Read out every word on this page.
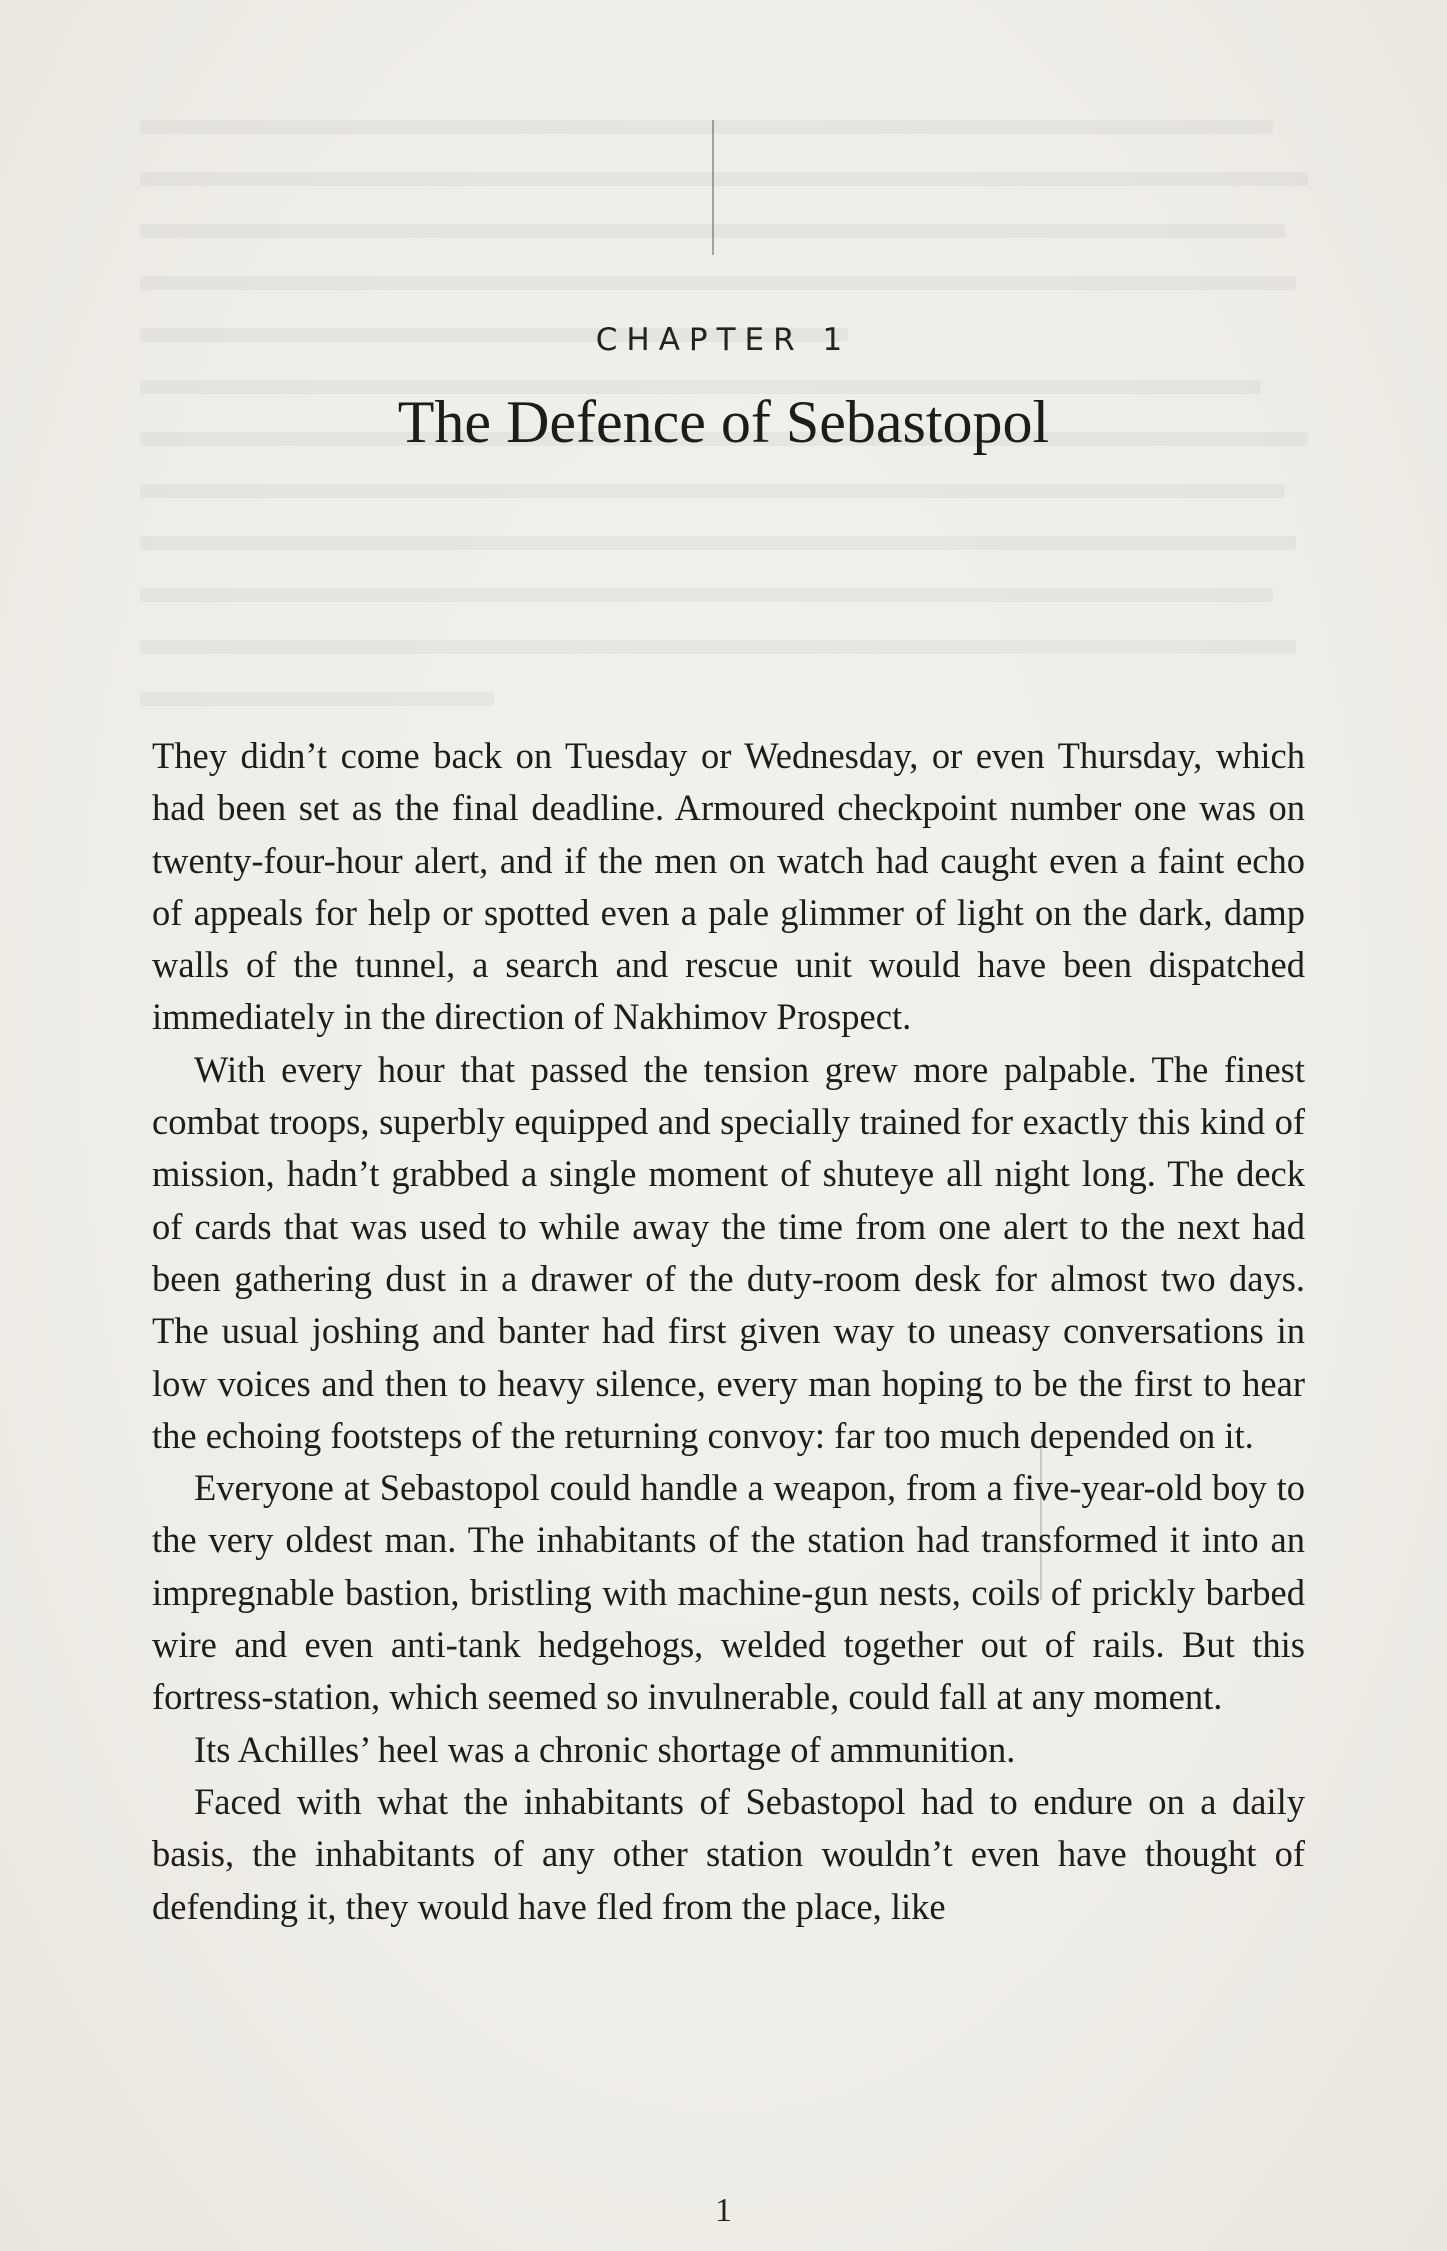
CHAPTER 1
The Defence of Sebastopol

They didn’t come back on Tuesday or Wednesday, or even Thursday, which had been set as the final deadline. Armoured checkpoint number one was on twenty-four-hour alert, and if the men on watch had caught even a faint echo of appeals for help or spotted even a pale glimmer of light on the dark, damp walls of the tunnel, a search and rescue unit would have been dispatched immediately in the direction of Nakhimov Prospect.

With every hour that passed the tension grew more palpable. The finest combat troops, superbly equipped and specially trained for exactly this kind of mission, hadn’t grabbed a single moment of shuteye all night long. The deck of cards that was used to while away the time from one alert to the next had been gathering dust in a drawer of the duty-room desk for almost two days. The usual joshing and banter had first given way to uneasy conversations in low voices and then to heavy silence, every man hoping to be the first to hear the echoing footsteps of the returning convoy: far too much depended on it.

Everyone at Sebastopol could handle a weapon, from a five-year-old boy to the very oldest man. The inhabitants of the station had transformed it into an impregnable bastion, bristling with machine-gun nests, coils of prickly barbed wire and even anti-tank hedgehogs, welded together out of rails. But this fortress-station, which seemed so invulnerable, could fall at any moment.

Its Achilles’ heel was a chronic shortage of ammunition.

Faced with what the inhabitants of Sebastopol had to endure on a daily basis, the inhabitants of any other station wouldn’t even have thought of defending it, they would have fled from the place, like

1
